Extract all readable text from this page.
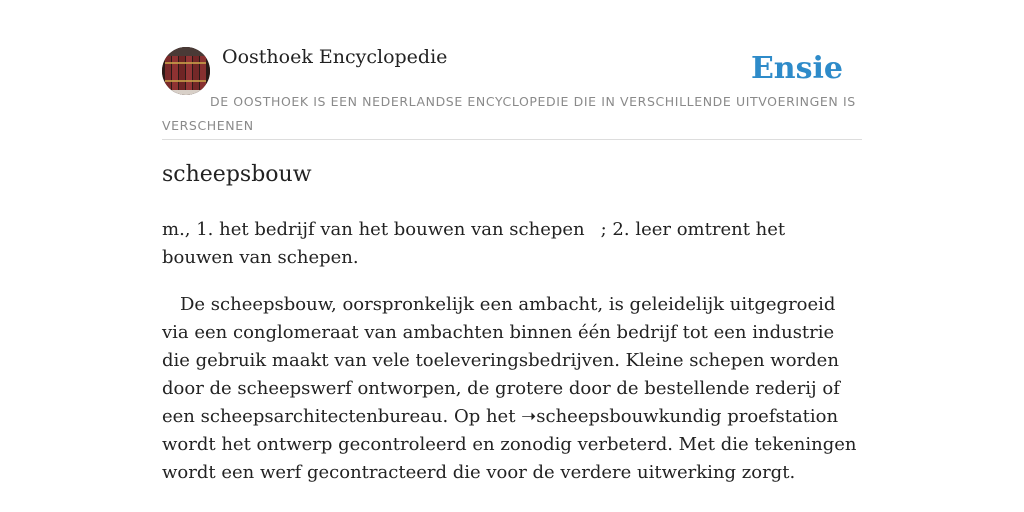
Oosthoek Encyclopedie	Ensie
DE OOSTHOEK IS EEN NEDERLANDSE ENCYCLOPEDIE DIE IN VERSCHILLENDE UITVOERINGEN IS VERSCHENEN
scheepsbouw

m., 1. het bedrijf van het bouwen van schepen ; 2. leer omtrent het bouwen van schepen.

De scheepsbouw, oorspronkelijk een ambacht, is geleidelijk uitgegroeid via een conglomeraat van ambachten binnen één bedrijf tot een industrie die gebruik maakt van vele toeleveringsbedrijven. Kleine schepen worden door de scheepswerf ontworpen, de grotere door de bestellende rederij of een scheepsarchitectenbureau. Op het ➝scheepsbouwkundig proefstation wordt het ontwerp gecontroleerd en zonodig verbeterd. Met die tekeningen wordt een werf gecontracteerd die voor de verdere uitwerking zorgt.
